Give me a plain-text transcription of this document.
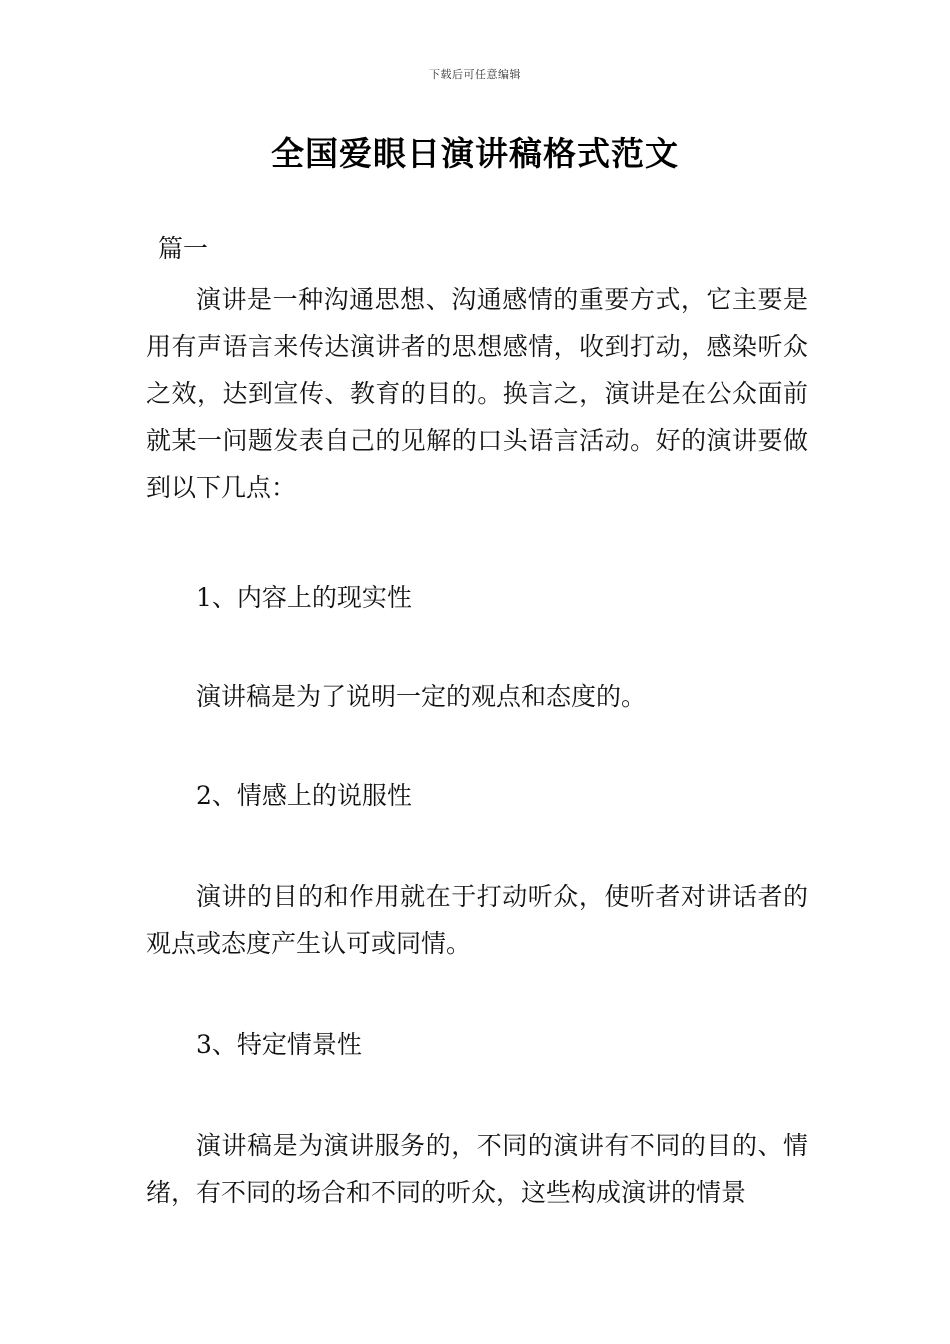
下载后可任意编辑
全国爱眼日演讲稿格式范文
篇一
演讲是一种沟通思想、沟通感情的重要方式，它主要是用有声语言来传达演讲者的思想感情，收到打动，感染听众之效，达到宣传、教育的目的。换言之，演讲是在公众面前就某一问题发表自己的见解的口头语言活动。好的演讲要做到以下几点：
1、内容上的现实性
演讲稿是为了说明一定的观点和态度的。
2、情感上的说服性
演讲的目的和作用就在于打动听众，使听者对讲话者的观点或态度产生认可或同情。
3、特定情景性
演讲稿是为演讲服务的，不同的演讲有不同的目的、情绪，有不同的场合和不同的听众，这些构成演讲的情景
